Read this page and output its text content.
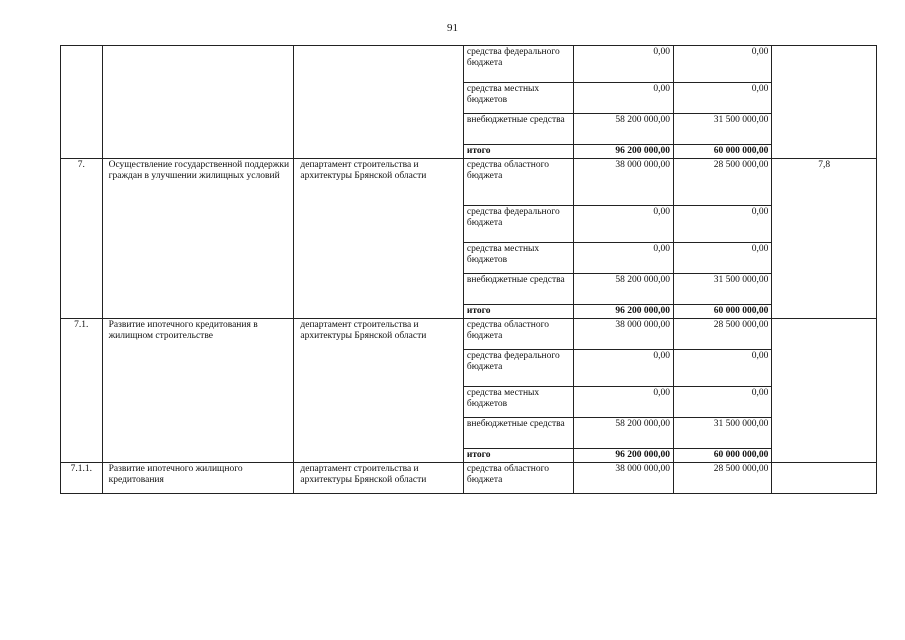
91
			средства федерального бюджета	0,00	0,00	
			средства местных бюджетов	0,00	0,00	
			внебюджетные средства	58 200 000,00	31 500 000,00	
			итого	96 200 000,00	60 000 000,00	
7.	Осуществление государственной поддержки граждан в улучшении жилищных условий	департамент строительства и архитектуры Брянской области	средства областного бюджета	38 000 000,00	28 500 000,00	7,8
			средства федерального бюджета	0,00	0,00	
			средства местных бюджетов	0,00	0,00	
			внебюджетные средства	58 200 000,00	31 500 000,00	
			итого	96 200 000,00	60 000 000,00	
7.1.	Развитие ипотечного кредитования в жилищном строительстве	департамент строительства и архитектуры Брянской области	средства областного бюджета	38 000 000,00	28 500 000,00	
			средства федерального бюджета	0,00	0,00	
			средства местных бюджетов	0,00	0,00	
			внебюджетные средства	58 200 000,00	31 500 000,00	
			итого	96 200 000,00	60 000 000,00	
7.1.1.	Развитие ипотечного жилищного кредитования	департамент строительства и архитектуры Брянской области	средства областного бюджета	38 000 000,00	28 500 000,00	
